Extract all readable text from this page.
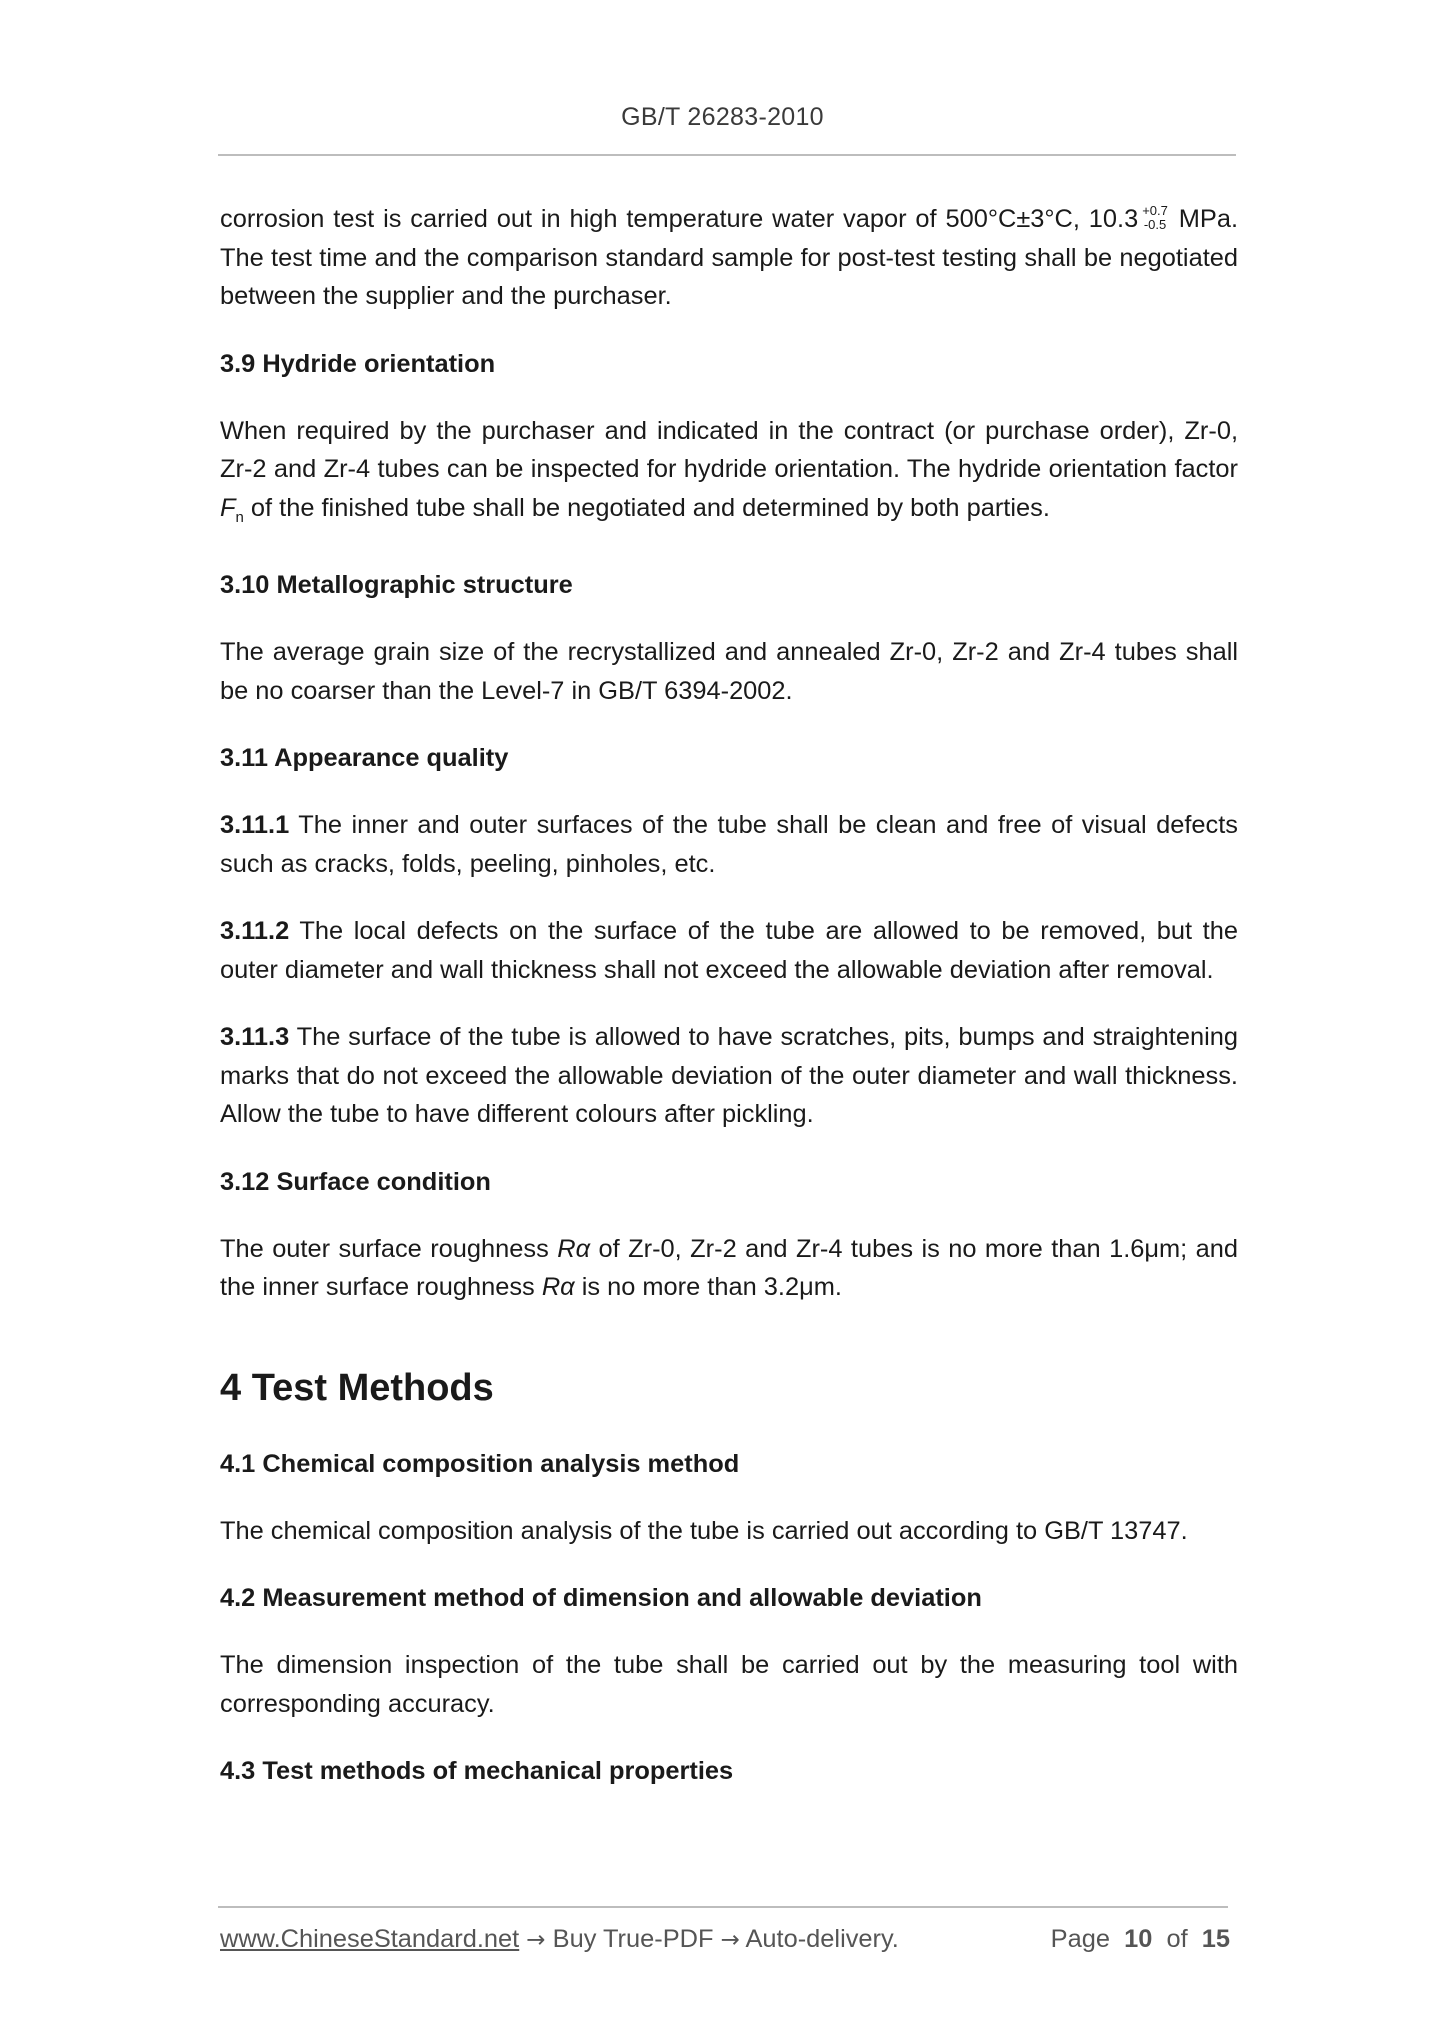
GB/T 26283-2010

corrosion test is carried out in high temperature water vapor of 500°C±3°C, 10.3 +0.7
-0.5 MPa. The test time and the comparison standard sample for post-test testing shall be negotiated between the supplier and the purchaser.

3.9 Hydride orientation

When required by the purchaser and indicated in the contract (or purchase order), Zr-0, Zr-2 and Zr-4 tubes can be inspected for hydride orientation. The hydride orientation factor $F_n$ of the finished tube shall be negotiated and determined by both parties.

3.10 Metallographic structure

The average grain size of the recrystallized and annealed Zr-0, Zr-2 and Zr-4 tubes shall be no coarser than the Level-7 in GB/T 6394-2002.

3.11 Appearance quality

3.11.1 The inner and outer surfaces of the tube shall be clean and free of visual defects such as cracks, folds, peeling, pinholes, etc.

3.11.2 The local defects on the surface of the tube are allowed to be removed, but the outer diameter and wall thickness shall not exceed the allowable deviation after removal.

3.11.3 The surface of the tube is allowed to have scratches, pits, bumps and straightening marks that do not exceed the allowable deviation of the outer diameter and wall thickness. Allow the tube to have different colours after pickling.

3.12 Surface condition

The outer surface roughness Rα of Zr-0, Zr-2 and Zr-4 tubes is no more than 1.6μm; and the inner surface roughness Rα is no more than 3.2μm.

4 Test Methods
4.1 Chemical composition analysis method

The chemical composition analysis of the tube is carried out according to GB/T 13747.

4.2 Measurement method of dimension and allowable deviation

The dimension inspection of the tube shall be carried out by the measuring tool with corresponding accuracy.

4.3 Test methods of mechanical properties
www.ChineseStandard.net → Buy True-PDF → Auto-delivery.	Page 10 of 15
